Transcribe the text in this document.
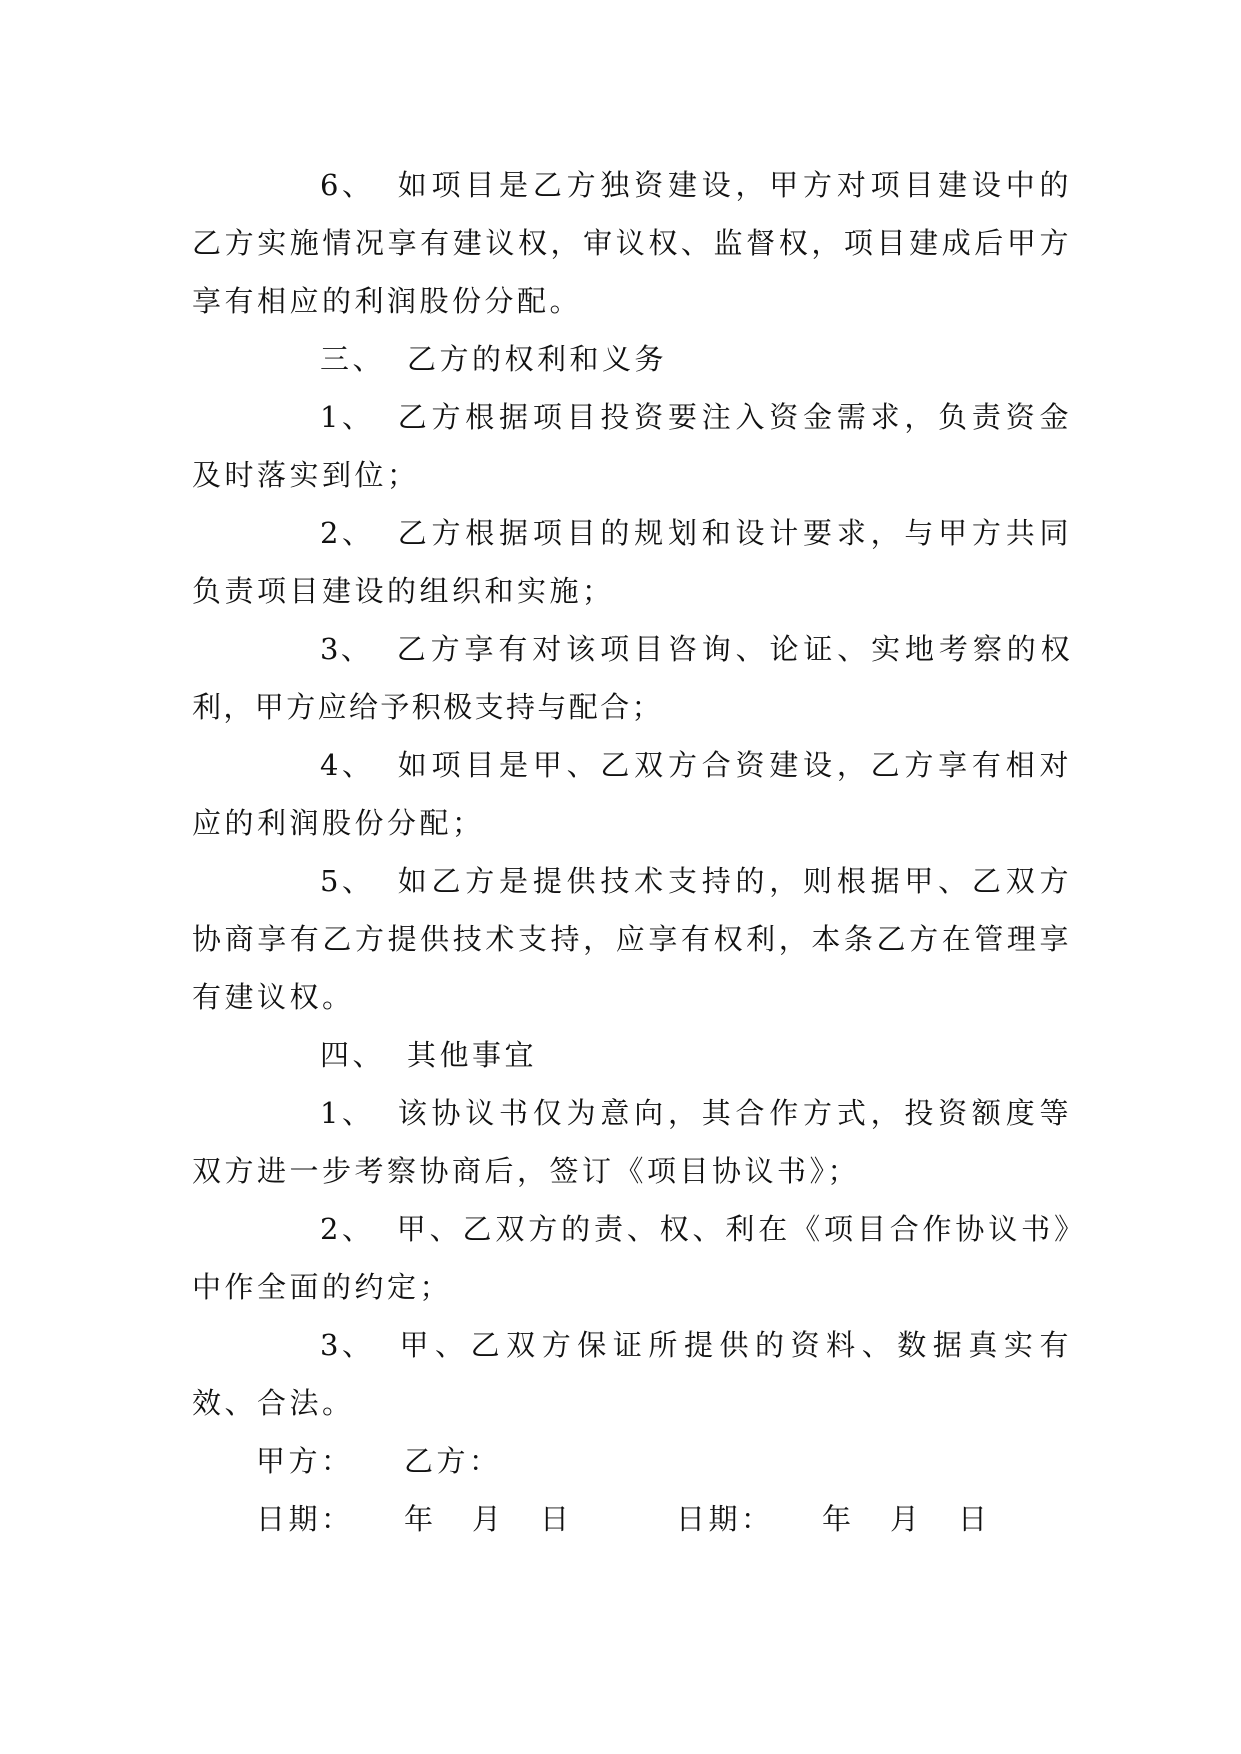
6、 如项目是乙方独资建设，甲方对项目建设中的乙方实施情况享有建议权，审议权、监督权，项目建成后甲方享有相应的利润股份分配。

三、 乙方的权利和义务

1、 乙方根据项目投资要注入资金需求，负责资金及时落实到位；

2、 乙方根据项目的规划和设计要求，与甲方共同负责项目建设的组织和实施；

3、 乙方享有对该项目咨询、论证、实地考察的权利，甲方应给予积极支持与配合；

4、 如项目是甲、乙双方合资建设，乙方享有相对应的利润股份分配；

5、 如乙方是提供技术支持的，则根据甲、乙双方协商享有乙方提供技术支持，应享有权利，本条乙方在管理享有建议权。

四、 其他事宜

1、 该协议书仅为意向，其合作方式，投资额度等双方进一步考察协商后，签订《项目协议书》；

2、 甲、乙双方的责、权、利在《项目合作协议书》中作全面的约定；

3、 甲、乙双方保证所提供的资料、数据真实有效、合法。

甲方： 乙方：
日期： 年 月 日	日期： 年 月 日
